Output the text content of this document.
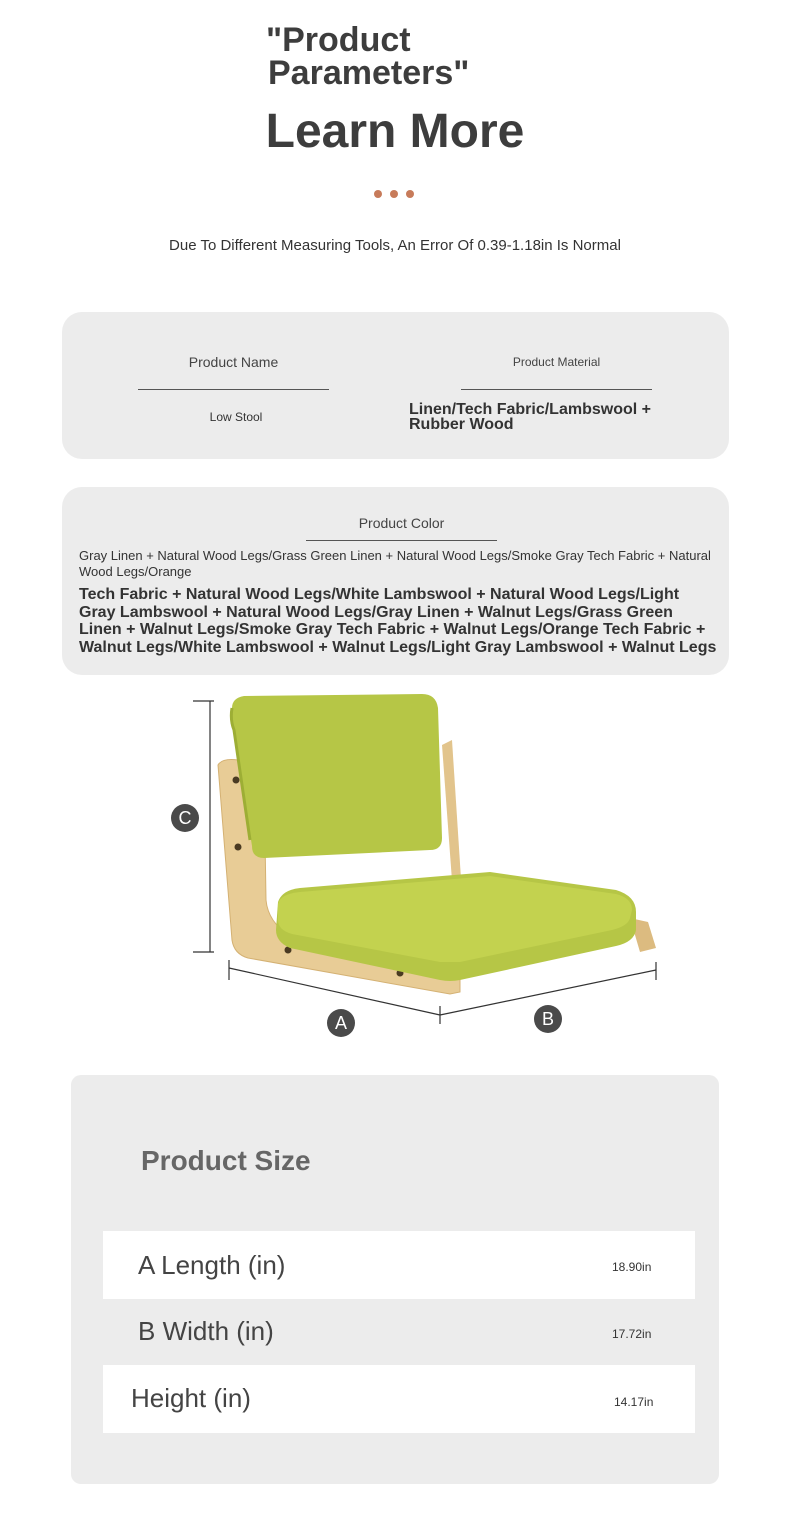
"Product
Parameters"
Learn More
Due To Different Measuring Tools, An Error Of 0.39-1.18in Is Normal
Product Name
Low Stool
Product Material
Linen/Tech Fabric/Lambswool +
Rubber Wood
Product Color
Gray Linen + Natural Wood Legs/Grass Green Linen + Natural Wood Legs/Smoke Gray Tech Fabric + Natural Wood Legs/Orange
Tech Fabric + Natural Wood Legs/White Lambswool + Natural Wood Legs/Light Gray Lambswool + Natural Wood Legs/Gray Linen + Walnut Legs/Grass Green Linen + Walnut Legs/Smoke Gray Tech Fabric + Walnut Legs/Orange Tech Fabric + Walnut Legs/White Lambswool + Walnut Legs/Light Gray Lambswool + Walnut Legs
C
A	B
Product Size
A Length (in)	18.90in
B Width (in)	17.72in
Height (in)	14.17in
